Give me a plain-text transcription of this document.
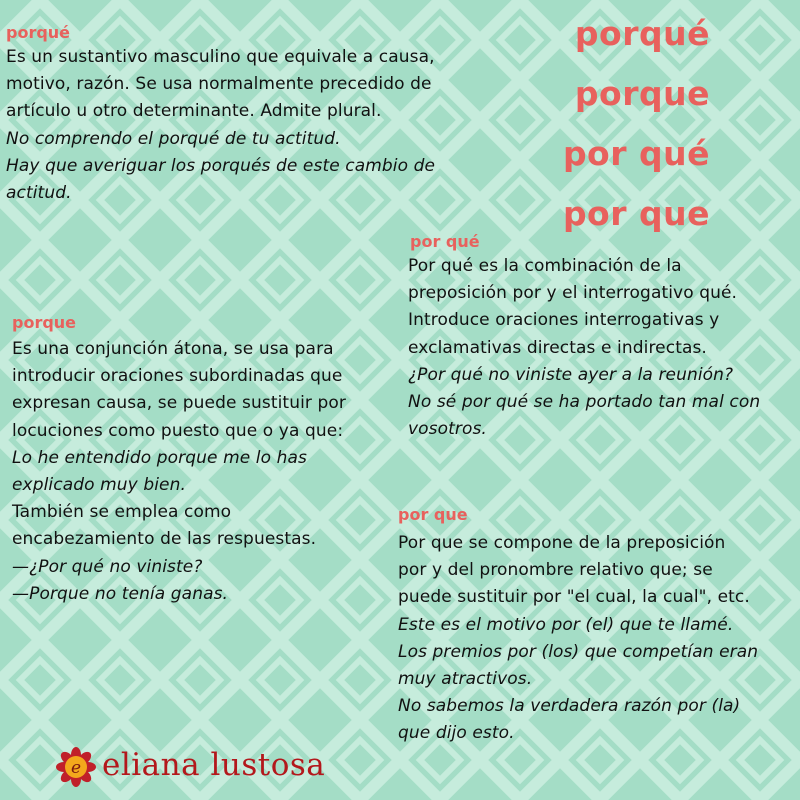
porqué
porque
por qué
por que
porqué
Es un sustantivo masculino que equivale a causa,
motivo, razón. Se usa normalmente precedido de
artículo u otro determinante. Admite plural.
No comprendo el porqué de tu actitud.
Hay que averiguar los porqués de este cambio de
actitud.
por qué
Por qué es la combinación de la
preposición por y el interrogativo qué.
Introduce oraciones interrogativas y
exclamativas directas e indirectas.
¿Por qué no viniste ayer a la reunión?
No sé por qué se ha portado tan mal con
vosotros.
porque
Es una conjunción átona, se usa para
introducir oraciones subordinadas que
expresan causa, se puede sustituir por
locuciones como puesto que o ya que:
Lo he entendido porque me lo has
explicado muy bien.
También se emplea como
encabezamiento de las respuestas.
—¿Por qué no viniste?
—Porque no tenía ganas.
por que
Por que se compone de la preposición
por y del pronombre relativo que; se
puede sustituir por "el cual, la cual", etc.
Este es el motivo por (el) que te llamé.
Los premios por (los) que competían eran
muy atractivos.
No sabemos la verdadera razón por (la)
que dijo esto.
e eliana lustosa
